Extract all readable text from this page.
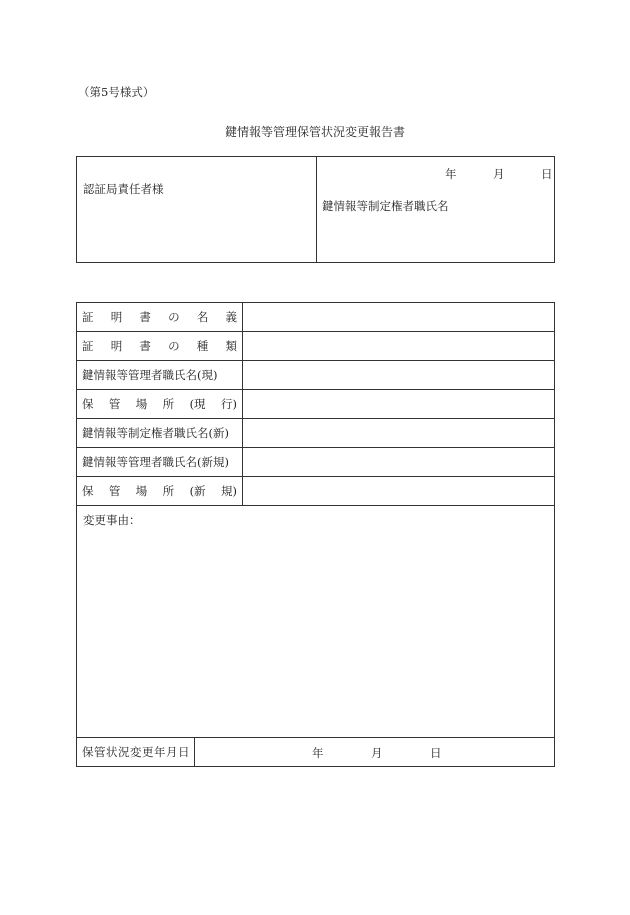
（第5号様式）
鍵情報等管理保管状況変更報告書
認証局責任者様
年	月	日
鍵情報等制定権者職氏名
証 明 書 の 名 義
証 明 書 の 種 類
鍵情報等管理者職氏名(現)
保 管 場 所 (現 行)
鍵情報等制定権者職氏名(新)
鍵情報等管理者職氏名(新規)
保 管 場 所 (新 規)
変更事由：
保管状況変更年月日	年	月	日
